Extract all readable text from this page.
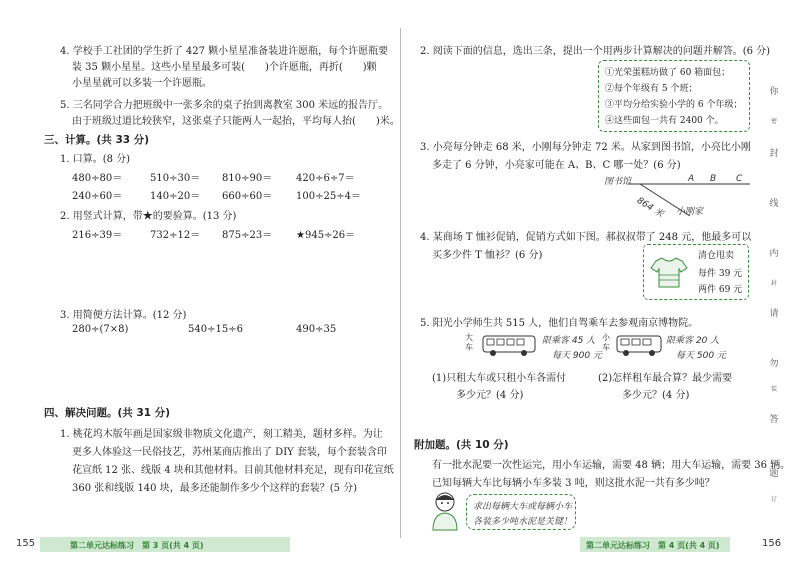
4. 学校手工社团的学生折了 427 颗小星星准备装进许愿瓶，每个许愿瓶要
装 35 颗小星星。这些小星星最多可装(　　)个许愿瓶，再折(　　)颗
小星星就可以多装一个许愿瓶。
5. 三名同学合力把班级中一张多余的桌子抬到离教室 300 米远的报告厅。
由于班级过道比较狭窄，这张桌子只能两人一起抬，平均每人抬(　　)米。
三、计算。(共 33 分)
1. 口算。(8 分)
480÷80＝	510÷30＝ 810÷90＝ 420÷6÷7＝
240÷60＝	140÷20＝ 660÷60＝ 100÷25÷4＝
2. 用竖式计算，带★的要验算。(13 分)
216÷39＝	732÷12＝ 875÷23＝ ★945÷26＝
3. 用简便方法计算。(12 分)
280÷(7×8)	540÷15÷6	490÷35
四、解决问题。(共 31 分)
1. 桃花坞木版年画是国家级非物质文化遗产，刻工精美，题材多样。为让
更多人体验这一民俗技艺，苏州某商店推出了 DIY 套装，每个套装含印
花宣纸 12 张、线版 4 块和其他材料。目前其他材料充足，现有印花宣纸
360 张和线版 140 块，最多还能制作多少个这样的套装？(5 分)
155	第二单元达标练习　第 3 页(共 4 页)
2. 阅读下面的信息，选出三条，提出一个用两步计算解决的问题并解答。(6 分)
①光荣蛋糕坊做了 60 箱面包；
②每个年级有 5 个班；
③平均分给实验小学的 6 个年级；
④这些面包一共有 2400 个。
3. 小亮每分钟走 68 米，小刚每分钟走 72 米。从家到图书馆，小亮比小刚
多走了 6 分钟，小亮家可能在 A、B、C 哪一处？(6 分)
图书馆	A B C
864 米 小刚家
4. 某商场 T 恤衫促销，促销方式如下图。郝叔叔带了 248 元，他最多可以
买多少件 T 恤衫？(6 分)	清仓甩卖
每件 39 元
两件 69 元
5. 阳光小学师生共 515 人，他们自驾乘车去参观南京博物院。
大车
限乘客 45 人
每天 900 元
小车
限乘客 20 人
每天 500 元
(1)只租大车或只租小车各需付
多少元？(4 分)
(2)怎样租车最合算？最少需要
多少元？(4 分)
附加题。(共 10 分)
有一批水泥要一次性运完，用小车运输，需要 48 辆；用大车运输，需要 36 辆。
已知每辆大车比每辆小车多装 3 吨，则这批水泥一共有多少吨？
求出每辆大车或每辆小车
各装多少吨水泥是关键！
第二单元达标练习　第 4 页(共 4 页)	156
你
密
封
线
内
封
请
勿
装
答
题
订
